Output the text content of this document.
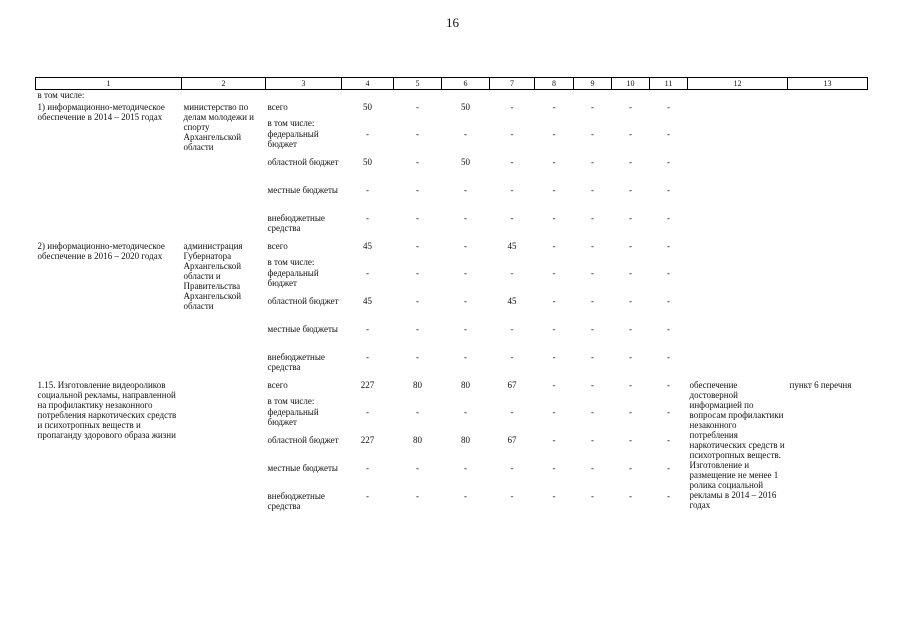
16
1	2	3	4	5	6	7	8	9	10	11	12	13
в том числе:												
1) информационно-методическое обеспечение в 2014 – 2015 годах	министерство по делам молодежи и спорту Архангельской области	всего	50	-	50	-	-	-	-	-		
		в том числе:										
		федеральный бюджет	-	-	-	-	-	-	-	-		
		областной бюджет	50	-	50	-	-	-	-	-		
		местные бюджеты	-	-	-	-	-	-	-	-		
		внебюджетные средства	-	-	-	-	-	-	-	-		
2) информационно-методическое обеспечение в 2016 – 2020 годах	администрация Губернатора Архангельской области и Правительства Архангельской области	всего	45	-	-	45	-	-	-	-		
		в том числе:										
		федеральный бюджет	-	-	-	-	-	-	-	-		
		областной бюджет	45	-	-	45	-	-	-	-		
		местные бюджеты	-	-	-	-	-	-	-	-		
		внебюджетные средства	-	-	-	-	-	-	-	-		
1.15. Изготовление видеороликов социальной рекламы, направленной на профилактику незаконного потребления наркотических средств и психотропных веществ и пропаганду здорового образа жизни		всего	227	80	80	67	-	-	-	-	обеспечение достоверной информацией по вопросам профилактики незаконного потребления наркотических средств и психотропных веществ. Изготовление и размещение не менее 1 ролика социальной рекламы в 2014 – 2016 годах	пункт 6 перечня
		в том числе:										
		федеральный бюджет	-	-	-	-	-	-	-	-		
		областной бюджет	227	80	80	67	-	-	-	-		
		местные бюджеты	-	-	-	-	-	-	-	-		
		внебюджетные средства	-	-	-	-	-	-	-	-		
